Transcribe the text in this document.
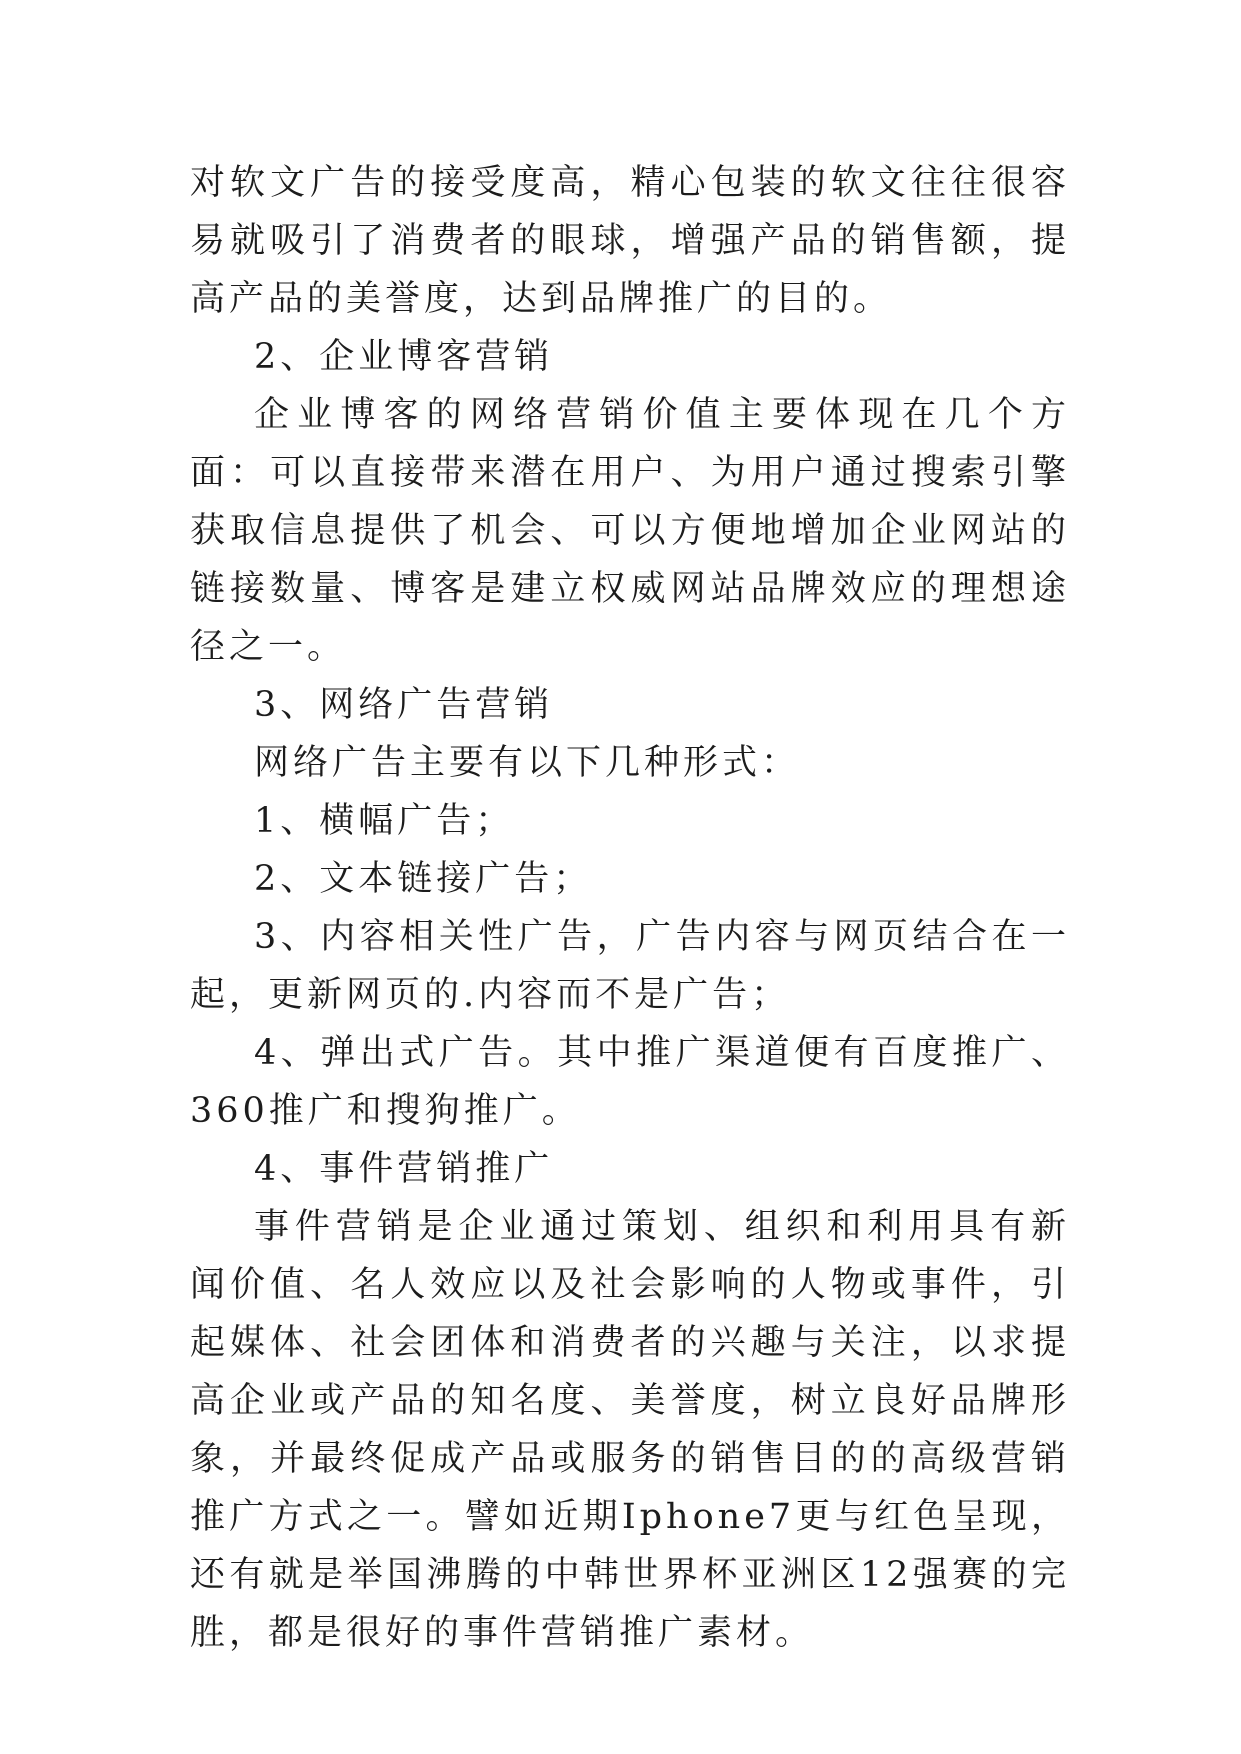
对软文广告的接受度高，精心包装的软文往往很容易就吸引了消费者的眼球，增强产品的销售额，提高产品的美誉度，达到品牌推广的目的。

2、企业博客营销

企业博客的网络营销价值主要体现在几个方面：可以直接带来潜在用户、为用户通过搜索引擎获取信息提供了机会、可以方便地增加企业网站的链接数量、博客是建立权威网站品牌效应的理想途径之一。

3、网络广告营销

网络广告主要有以下几种形式：

1、横幅广告；

2、文本链接广告；

3、内容相关性广告，广告内容与网页结合在一起，更新网页的.内容而不是广告；

4、弹出式广告。其中推广渠道便有百度推广、360推广和搜狗推广。

4、事件营销推广

事件营销是企业通过策划、组织和利用具有新闻价值、名人效应以及社会影响的人物或事件，引起媒体、社会团体和消费者的兴趣与关注，以求提高企业或产品的知名度、美誉度，树立良好品牌形象，并最终促成产品或服务的销售目的的高级营销推广方式之一。譬如近期Iphone7更与红色呈现，还有就是举国沸腾的中韩世界杯亚洲区12强赛的完胜，都是很好的事件营销推广素材。
